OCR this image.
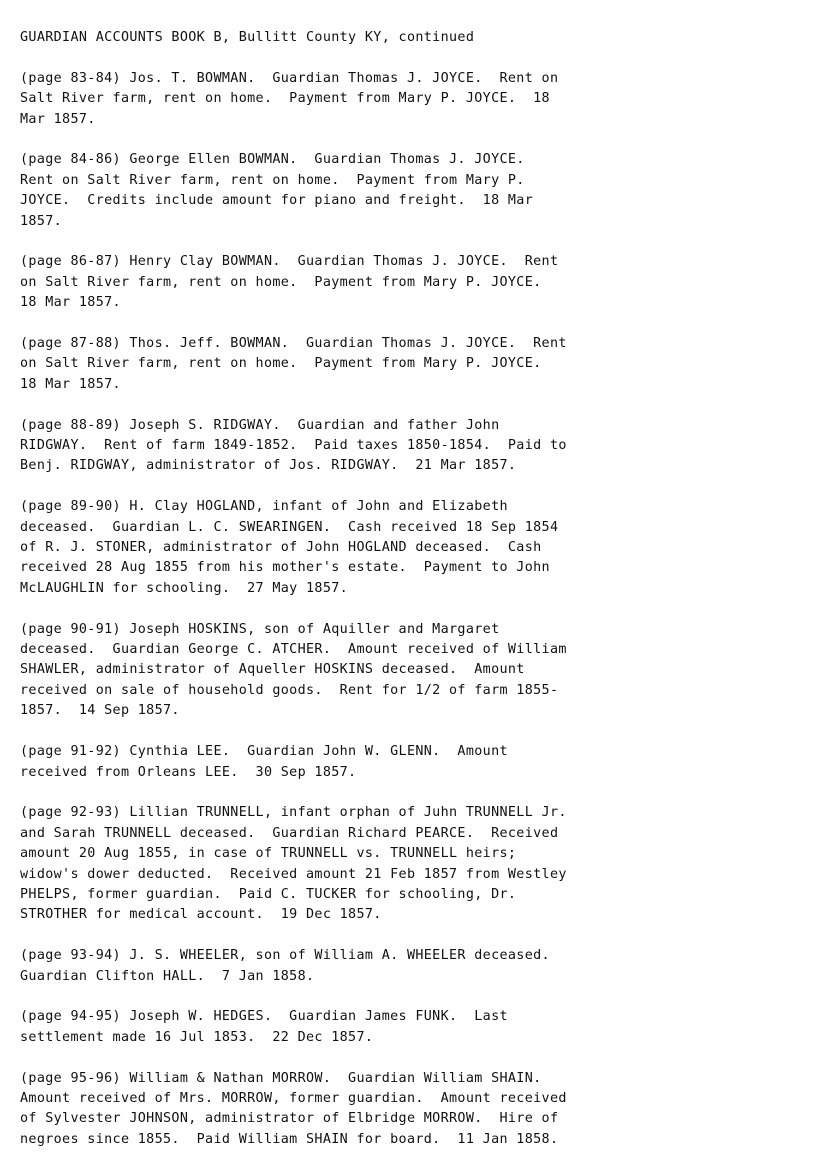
GUARDIAN ACCOUNTS BOOK B, Bullitt County KY, continued
(page 83-84) Jos. T. BOWMAN.  Guardian Thomas J. JOYCE.  Rent on
Salt River farm, rent on home.  Payment from Mary P. JOYCE.  18
Mar 1857.
(page 84-86) George Ellen BOWMAN.  Guardian Thomas J. JOYCE.
Rent on Salt River farm, rent on home.  Payment from Mary P.
JOYCE.  Credits include amount for piano and freight.  18 Mar
1857.
(page 86-87) Henry Clay BOWMAN.  Guardian Thomas J. JOYCE.  Rent
on Salt River farm, rent on home.  Payment from Mary P. JOYCE.
18 Mar 1857.
(page 87-88) Thos. Jeff. BOWMAN.  Guardian Thomas J. JOYCE.  Rent
on Salt River farm, rent on home.  Payment from Mary P. JOYCE.
18 Mar 1857.
(page 88-89) Joseph S. RIDGWAY.  Guardian and father John
RIDGWAY.  Rent of farm 1849-1852.  Paid taxes 1850-1854.  Paid to
Benj. RIDGWAY, administrator of Jos. RIDGWAY.  21 Mar 1857.
(page 89-90) H. Clay HOGLAND, infant of John and Elizabeth
deceased.  Guardian L. C. SWEARINGEN.  Cash received 18 Sep 1854
of R. J. STONER, administrator of John HOGLAND deceased.  Cash
received 28 Aug 1855 from his mother's estate.  Payment to John
McLAUGHLIN for schooling.  27 May 1857.
(page 90-91) Joseph HOSKINS, son of Aquiller and Margaret
deceased.  Guardian George C. ATCHER.  Amount received of William
SHAWLER, administrator of Aqueller HOSKINS deceased.  Amount
received on sale of household goods.  Rent for 1/2 of farm 1855-
1857.  14 Sep 1857.
(page 91-92) Cynthia LEE.  Guardian John W. GLENN.  Amount
received from Orleans LEE.  30 Sep 1857.
(page 92-93) Lillian TRUNNELL, infant orphan of Juhn TRUNNELL Jr.
and Sarah TRUNNELL deceased.  Guardian Richard PEARCE.  Received
amount 20 Aug 1855, in case of TRUNNELL vs. TRUNNELL heirs;
widow's dower deducted.  Received amount 21 Feb 1857 from Westley
PHELPS, former guardian.  Paid C. TUCKER for schooling, Dr.
STROTHER for medical account.  19 Dec 1857.
(page 93-94) J. S. WHEELER, son of William A. WHEELER deceased.
Guardian Clifton HALL.  7 Jan 1858.
(page 94-95) Joseph W. HEDGES.  Guardian James FUNK.  Last
settlement made 16 Jul 1853.  22 Dec 1857.
(page 95-96) William & Nathan MORROW.  Guardian William SHAIN.
Amount received of Mrs. MORROW, former guardian.  Amount received
of Sylvester JOHNSON, administrator of Elbridge MORROW.  Hire of
negroes since 1855.  Paid William SHAIN for board.  11 Jan 1858.
